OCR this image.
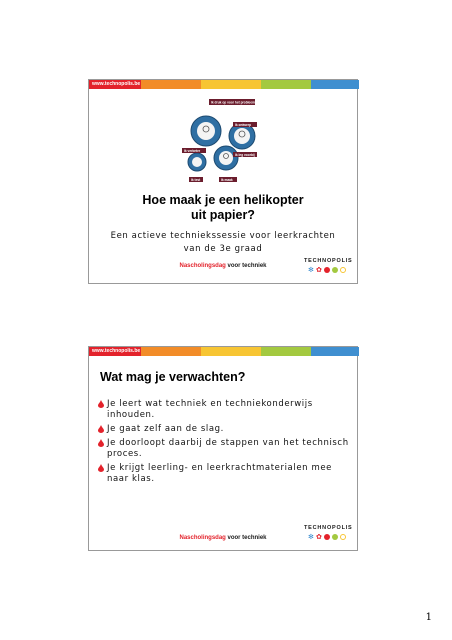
www.technopolis.be
Ik druk op voor het probleem
Ik ontwerp
Ik verbeter
Ik test	Ik maak
Ik leg voorbij
Hoe maak je een helikopter
uit papier?
Een actieve techniekssessie voor leerkrachten
van de 3e graad
Nascholingsdag voor techniek
TECHNOPOLIS
✻ ✿
www.technopolis.be
Wat mag je verwachten?
Je leert wat techniek en techniekonderwijs inhouden.
Je gaat zelf aan de slag.
Je doorloopt daarbij de stappen van het technisch proces.
Je krijgt leerling- en leerkrachtmaterialen mee naar klas.
Nascholingsdag voor techniek
TECHNOPOLIS
✻ ✿
1
